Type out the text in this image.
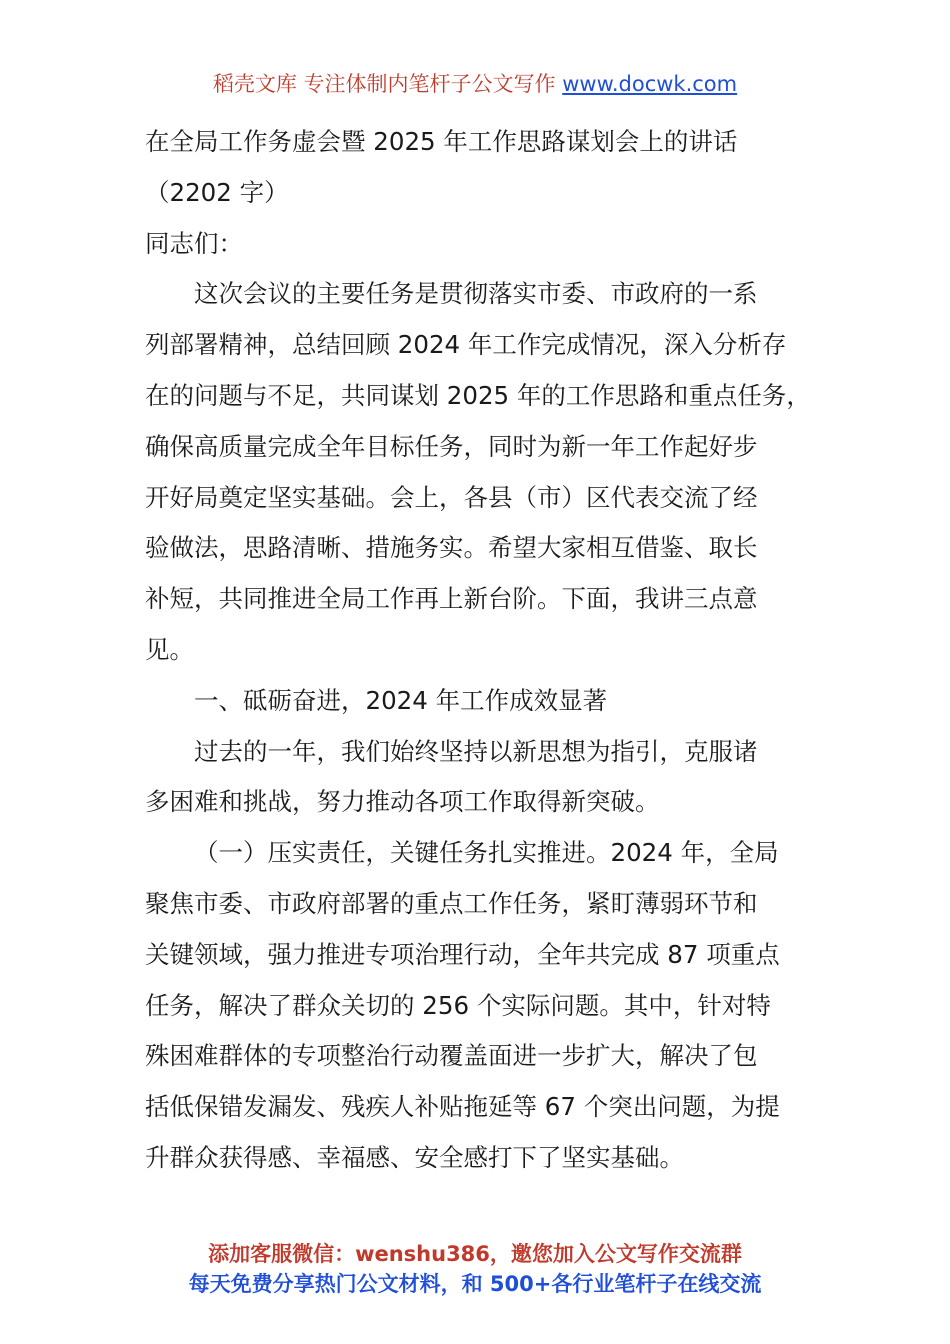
稻壳文库 专注体制内笔杆子公文写作 www.docwk.com
在全局工作务虚会暨 2025 年工作思路谋划会上的讲话
（2202 字）
同志们：
这次会议的主要任务是贯彻落实市委、市政府的一系
列部署精神，总结回顾 2024 年工作完成情况，深入分析存
在的问题与不足，共同谋划 2025 年的工作思路和重点任务，
确保高质量完成全年目标任务，同时为新一年工作起好步
开好局奠定坚实基础。会上，各县（市）区代表交流了经
验做法，思路清晰、措施务实。希望大家相互借鉴、取长
补短，共同推进全局工作再上新台阶。下面，我讲三点意
见。
一、砥砺奋进，2024 年工作成效显著
过去的一年，我们始终坚持以新思想为指引，克服诸
多困难和挑战，努力推动各项工作取得新突破。
（一）压实责任，关键任务扎实推进。2024 年，全局
聚焦市委、市政府部署的重点工作任务，紧盯薄弱环节和
关键领域，强力推进专项治理行动，全年共完成 87 项重点
任务，解决了群众关切的 256 个实际问题。其中，针对特
殊困难群体的专项整治行动覆盖面进一步扩大，解决了包
括低保错发漏发、残疾人补贴拖延等 67 个突出问题，为提
升群众获得感、幸福感、安全感打下了坚实基础。
添加客服微信：wenshu386，邀您加入公文写作交流群
每天免费分享热门公文材料，和 500+各行业笔杆子在线交流
